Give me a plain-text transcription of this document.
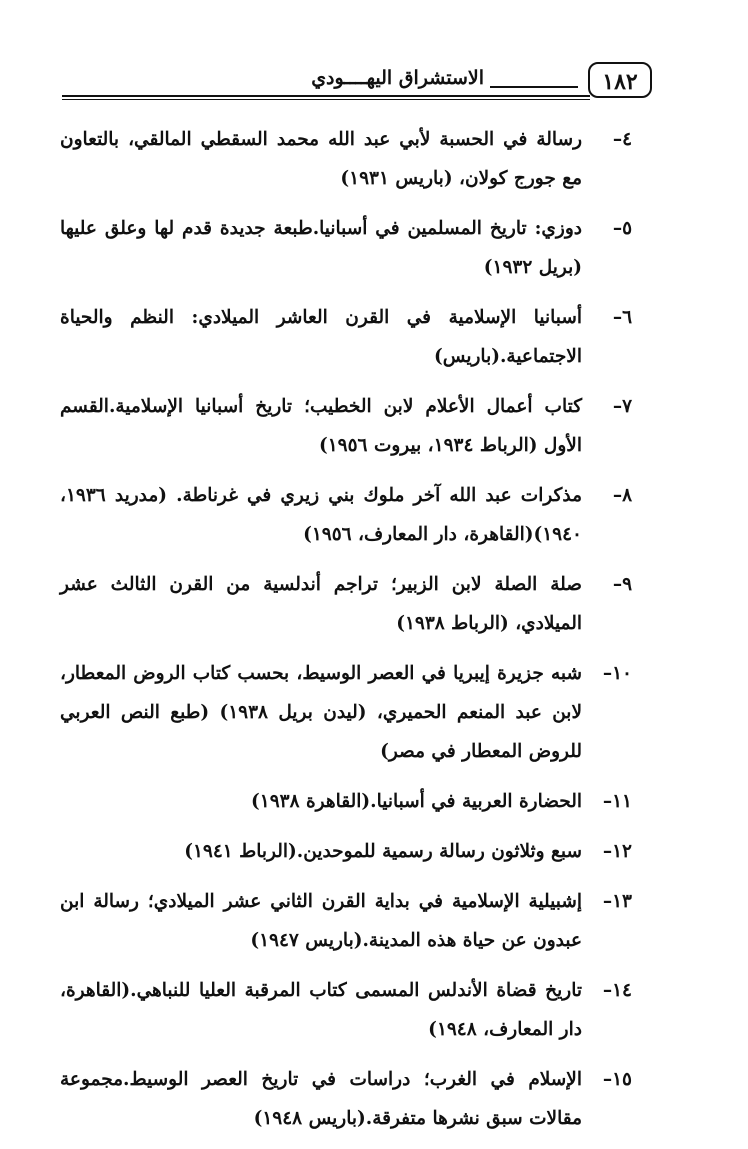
الاستشراق اليهــــودي	١٨٢
٤–
رسالة في الحسبة لأبي عبد الله محمد السقطي المالقي، بالتعاون مع جورج كولان، (باريس ١٩٣١)
٥–
دوزي: تاريخ المسلمين في أسبانيا.طبعة جديدة قدم لها وعلق عليها (بريل ١٩٣٢)
٦–
أسبانيا الإسلامية في القرن العاشر الميلادي: النظم والحياة الاجتماعية.(باريس)
٧–
كتاب أعمال الأعلام لابن الخطيب؛ تاريخ أسبانيا الإسلامية.القسم الأول (الرباط ١٩٣٤، بيروت ١٩٥٦)
٨–
مذكرات عبد الله آخر ملوك بني زيري في غرناطة. (مدريد ١٩٣٦، ١٩٤٠)(القاهرة، دار المعارف، ١٩٥٦)
٩–
صلة الصلة لابن الزبير؛ تراجم أندلسية من القرن الثالث عشر الميلادي، (الرباط ١٩٣٨)
١٠–
شبه جزيرة إيبريا في العصر الوسيط، بحسب كتاب الروض المعطار، لابن عبد المنعم الحميري، (ليدن بريل ١٩٣٨) (طبع النص العربي للروض المعطار في مصر)
١١–
الحضارة العربية في أسبانيا.(القاهرة ١٩٣٨)
١٢–
سبع وثلاثون رسالة رسمية للموحدين.(الرباط ١٩٤١)
١٣–
إشبيلية الإسلامية في بداية القرن الثاني عشر الميلادي؛ رسالة ابن عبدون عن حياة هذه المدينة.(باريس ١٩٤٧)
١٤–
تاريخ قضاة الأندلس المسمى كتاب المرقبة العليا للنباهي.(القاهرة، دار المعارف، ١٩٤٨)
١٥–
الإسلام في الغرب؛ دراسات في تاريخ العصر الوسيط.مجموعة مقالات سبق نشرها متفرقة.(باريس ١٩٤٨)
